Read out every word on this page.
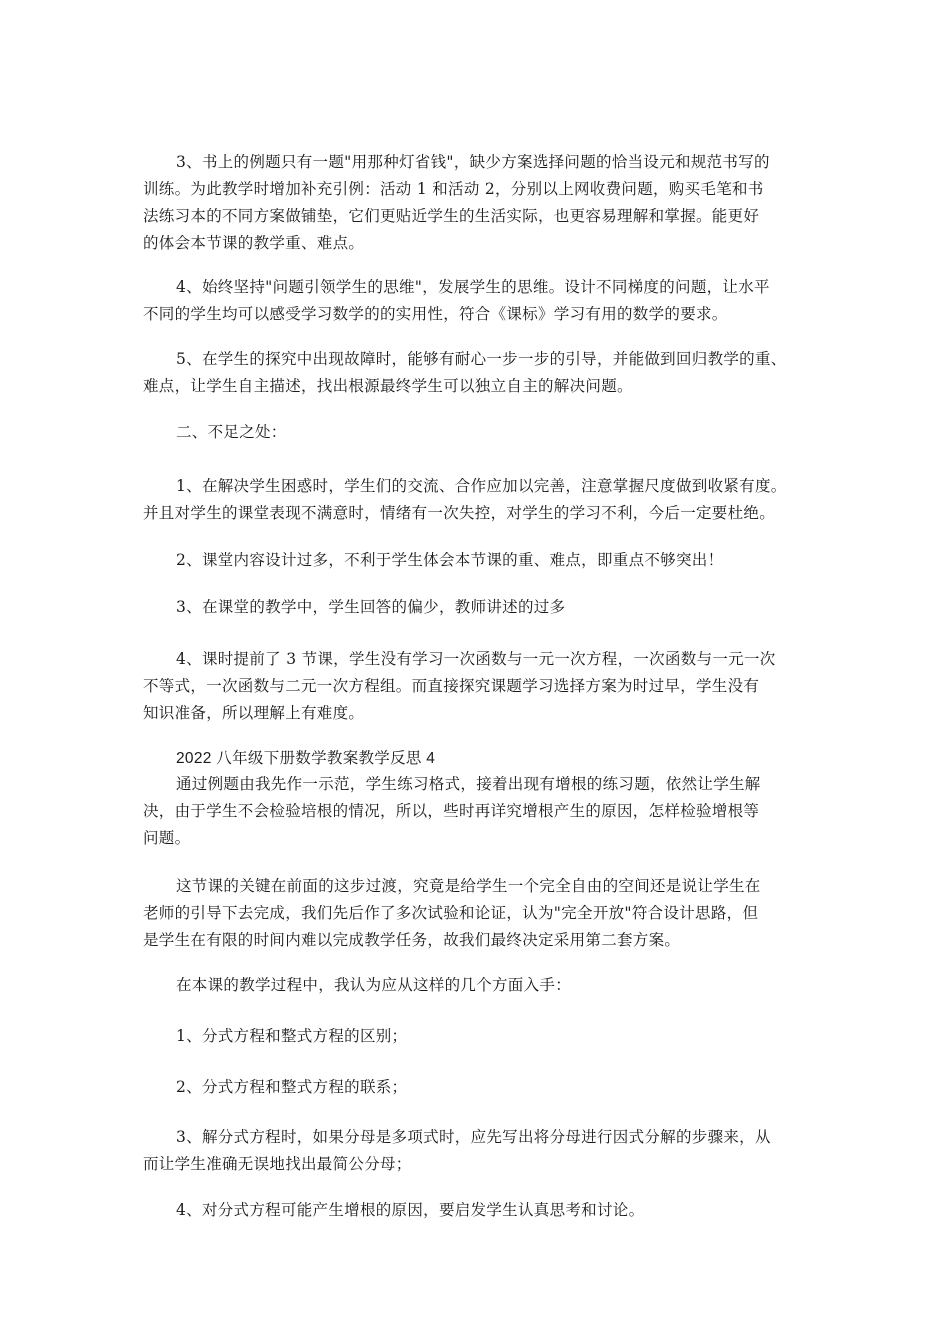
3、书上的例题只有一题"用那种灯省钱"，缺少方案选择问题的恰当设元和规范书写的
训练。为此教学时增加补充引例：活动 1 和活动 2，分别以上网收费问题，购买毛笔和书
法练习本的不同方案做铺垫，它们更贴近学生的生活实际，也更容易理解和掌握。能更好
的体会本节课的教学重、难点。
4、始终坚持"问题引领学生的思维"，发展学生的思维。设计不同梯度的问题，让水平
不同的学生均可以感受学习数学的的实用性，符合《课标》学习有用的数学的要求。
5、在学生的探究中出现故障时，能够有耐心一步一步的引导，并能做到回归教学的重、
难点，让学生自主描述，找出根源最终学生可以独立自主的解决问题。
二、不足之处：
1、在解决学生困惑时，学生们的交流、合作应加以完善，注意掌握尺度做到收紧有度。
并且对学生的课堂表现不满意时，情绪有一次失控，对学生的学习不利，今后一定要杜绝。
2、课堂内容设计过多，不利于学生体会本节课的重、难点，即重点不够突出！
3、在课堂的教学中，学生回答的偏少，教师讲述的过多
4、课时提前了 3 节课，学生没有学习一次函数与一元一次方程，一次函数与一元一次
不等式，一次函数与二元一次方程组。而直接探究课题学习选择方案为时过早，学生没有
知识准备，所以理解上有难度。
2022 八年级下册数学教案教学反思 4
通过例题由我先作一示范，学生练习格式，接着出现有增根的练习题，依然让学生解
决，由于学生不会检验培根的情况，所以，些时再详究增根产生的原因，怎样检验增根等
问题。
这节课的关键在前面的这步过渡，究竟是给学生一个完全自由的空间还是说让学生在
老师的引导下去完成，我们先后作了多次试验和论证，认为"完全开放"符合设计思路，但
是学生在有限的时间内难以完成教学任务，故我们最终决定采用第二套方案。
在本课的教学过程中，我认为应从这样的几个方面入手：
1、分式方程和整式方程的区别；
2、分式方程和整式方程的联系；
3、解分式方程时，如果分母是多项式时，应先写出将分母进行因式分解的步骤来，从
而让学生准确无误地找出最简公分母；
4、对分式方程可能产生增根的原因，要启发学生认真思考和讨论。
